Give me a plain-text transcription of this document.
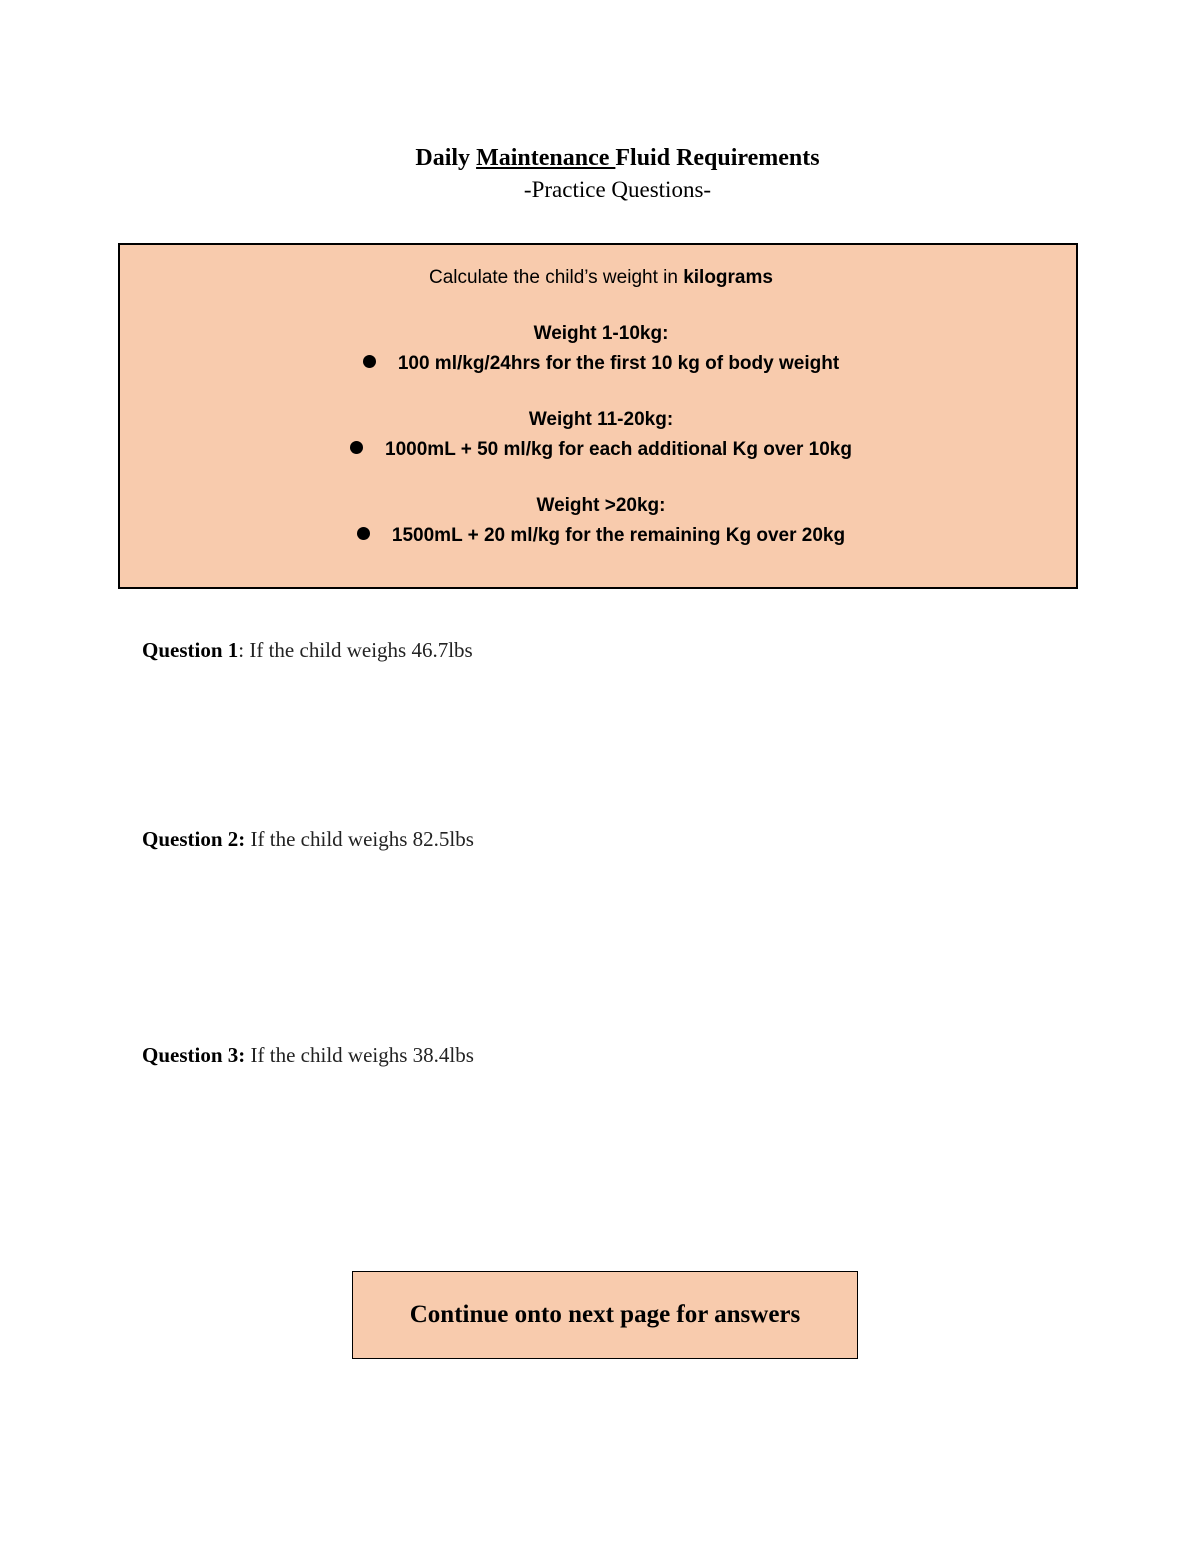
Daily Maintenance Fluid Requirements
-Practice Questions-
Calculate the child’s weight in kilograms
Weight 1-10kg:
100 ml/kg/24hrs for the first 10 kg of body weight
Weight 11-20kg:
1000mL + 50 ml/kg for each additional Kg over 10kg
Weight >20kg:
1500mL + 20 ml/kg for the remaining Kg over 20kg
Question 1: If the child weighs 46.7lbs
Question 2: If the child weighs 82.5lbs
Question 3: If the child weighs 38.4lbs
Continue onto next page for answers
